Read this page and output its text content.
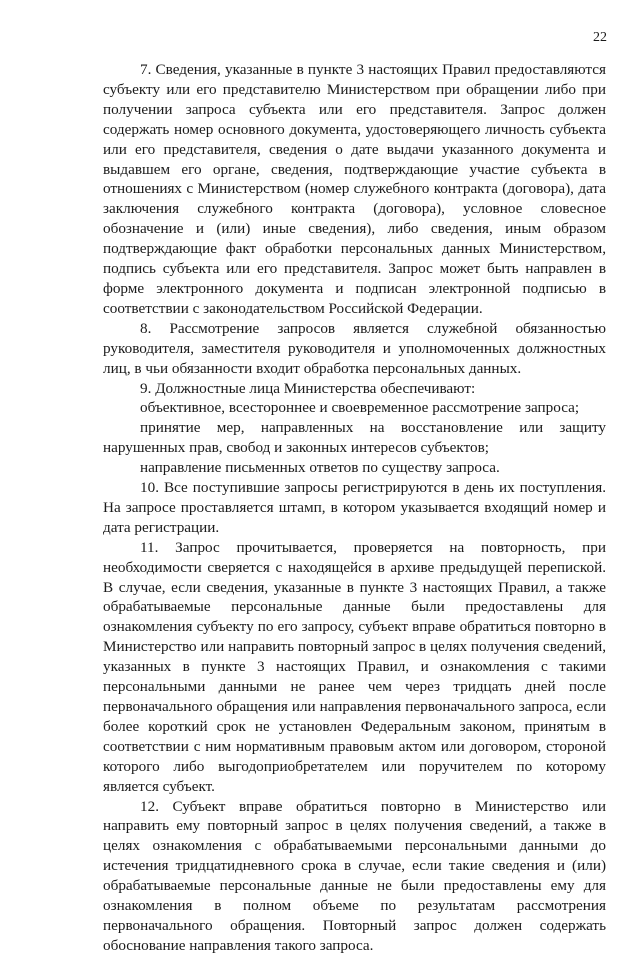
22

7. Сведения, указанные в пункте 3 настоящих Правил предоставляются субъекту или его представителю Министерством при обращении либо при получении запроса субъекта или его представителя. Запрос должен содержать номер основного документа, удостоверяющего личность субъекта или его представителя, сведения о дате выдачи указанного документа и выдавшем его органе, сведения, подтверждающие участие субъекта в отношениях с Министерством (номер служебного контракта (договора), дата заключения служебного контракта (договора), условное словесное обозначение и (или) иные сведения), либо сведения, иным образом подтверждающие факт обработки персональных данных Министерством, подпись субъекта или его представителя. Запрос может быть направлен в форме электронного документа и подписан электронной подписью в соответствии с законодательством Российской Федерации.

8. Рассмотрение запросов является служебной обязанностью руководителя, заместителя руководителя и уполномоченных должностных лиц, в чьи обязанности входит обработка персональных данных.

9. Должностные лица Министерства обеспечивают:

объективное, всестороннее и своевременное рассмотрение запроса;

принятие мер, направленных на восстановление или защиту нарушенных прав, свобод и законных интересов субъектов;

направление письменных ответов по существу запроса.

10. Все поступившие запросы регистрируются в день их поступления. На запросе проставляется штамп, в котором указывается входящий номер и дата регистрации.

11. Запрос прочитывается, проверяется на повторность, при необходимости сверяется с находящейся в архиве предыдущей перепиской. В случае, если сведения, указанные в пункте 3 настоящих Правил, а также обрабатываемые персональные данные были предоставлены для ознакомления субъекту по его запросу, субъект вправе обратиться повторно в Министерство или направить повторный запрос в целях получения сведений, указанных в пункте 3 настоящих Правил, и ознакомления с такими персональными данными не ранее чем через тридцать дней после первоначального обращения или направления первоначального запроса, если более короткий срок не установлен Федеральным законом, принятым в соответствии с ним нормативным правовым актом или договором, стороной которого либо выгодоприобретателем или поручителем по которому является субъект.

12. Субъект вправе обратиться повторно в Министерство или направить ему повторный запрос в целях получения сведений, а также в целях ознакомления с обрабатываемыми персональными данными до истечения тридцатидневного срока в случае, если такие сведения и (или) обрабатываемые персональные данные не были предоставлены ему для ознакомления в полном объеме по результатам рассмотрения первоначального обращения. Повторный запрос должен содержать обоснование направления такого запроса.
